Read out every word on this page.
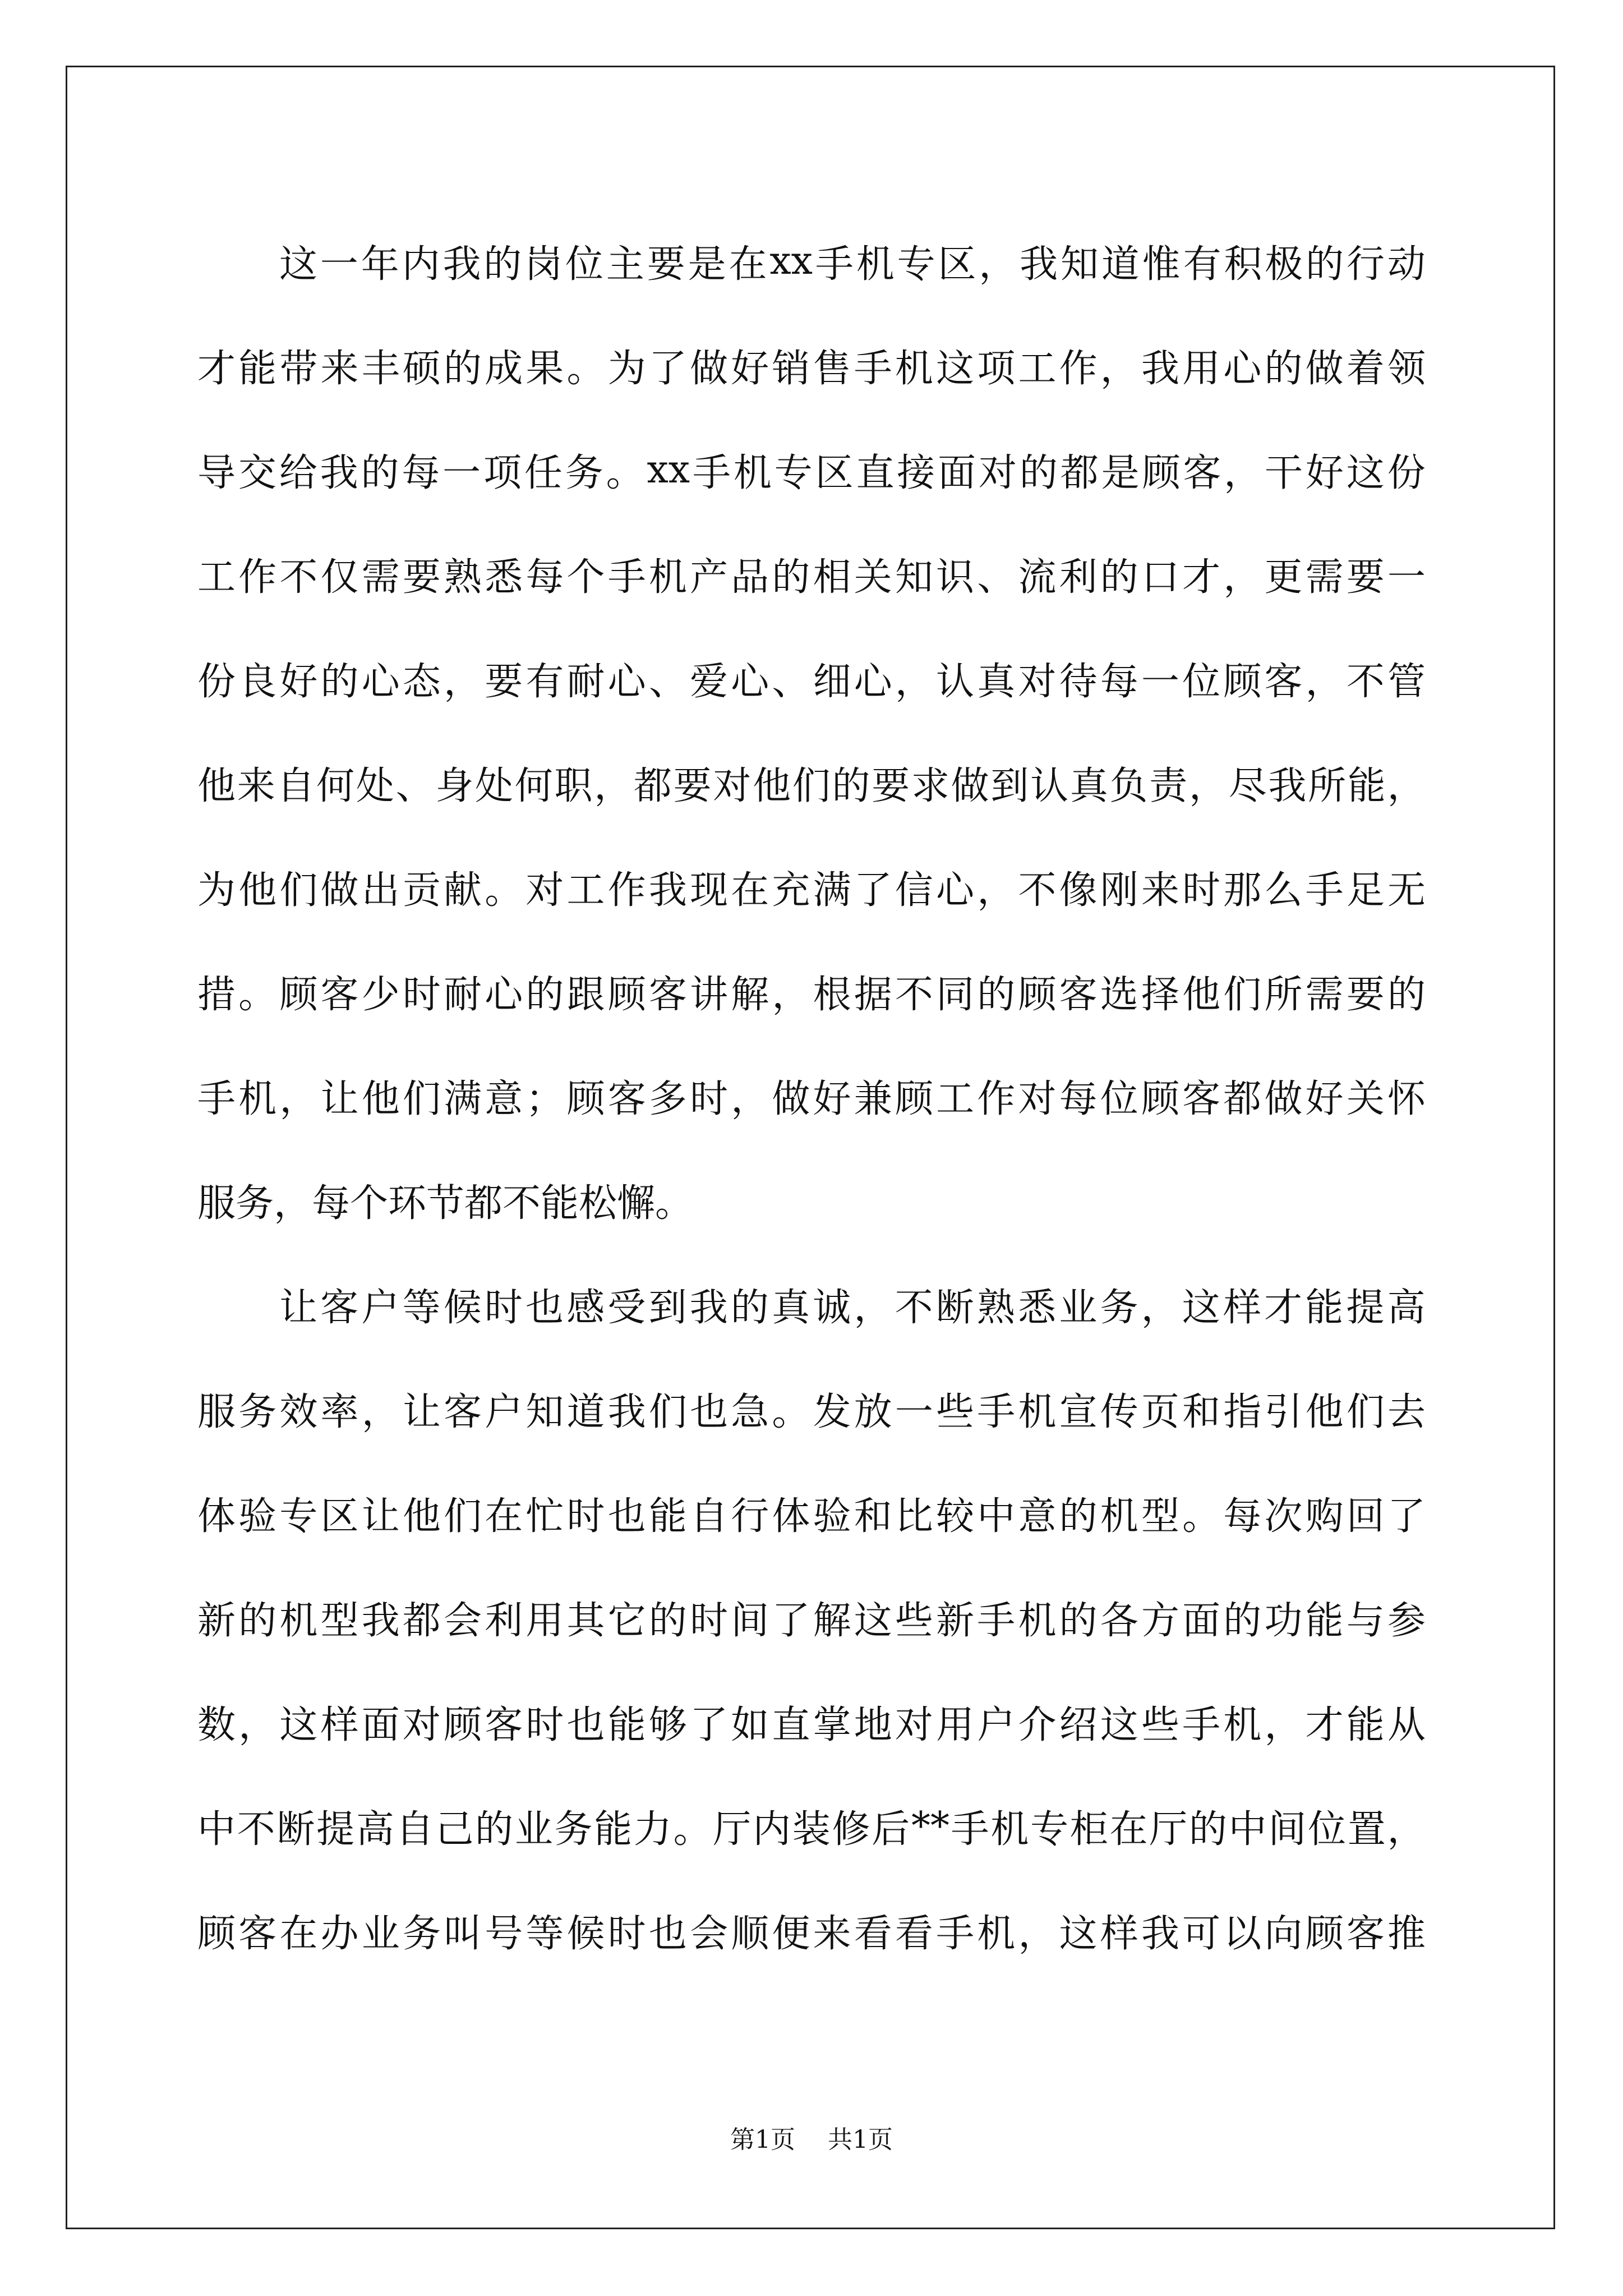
这 一 年 内 我 的 岗 位 主 要 是 在 xx 手 机 专 区 ， 我 知 道 惟 有 积 极 的 行 动
才 能 带 来 丰 硕 的 成 果 。 为 了 做 好 销 售 手 机 这 项 工 作 ， 我 用 心 的 做 着 领
导 交 给 我 的 每 一 项 任 务 。 xx 手 机 专 区 直 接 面 对 的 都 是 顾 客 ， 干 好 这 份
工 作 不 仅 需 要 熟 悉 每 个 手 机 产 品 的 相 关 知 识 、 流 利 的 口 才 ， 更 需 要 一
份 良 好 的 心 态 ， 要 有 耐 心 、 爱 心 、 细 心 ， 认 真 对 待 每 一 位 顾 客 ， 不 管
他 来 自 何 处 、 身 处 何 职 ， 都 要 对 他 们 的 要 求 做 到 认 真 负 责 ， 尽 我 所 能 ，
为 他 们 做 出 贡 献 。 对 工 作 我 现 在 充 满 了 信 心 ， 不 像 刚 来 时 那 么 手 足 无
措 。 顾 客 少 时 耐 心 的 跟 顾 客 讲 解 ， 根 据 不 同 的 顾 客 选 择 他 们 所 需 要 的
手 机 ， 让 他 们 满 意 ； 顾 客 多 时 ， 做 好 兼 顾 工 作 对 每 位 顾 客 都 做 好 关 怀
服务，每个环节都不能松懈。
让 客 户 等 候 时 也 感 受 到 我 的 真 诚 ， 不 断 熟 悉 业 务 ， 这 样 才 能 提 高
服 务 效 率 ， 让 客 户 知 道 我 们 也 急 。 发 放 一 些 手 机 宣 传 页 和 指 引 他 们 去
体 验 专 区 让 他 们 在 忙 时 也 能 自 行 体 验 和 比 较 中 意 的 机 型 。 每 次 购 回 了
新 的 机 型 我 都 会 利 用 其 它 的 时 间 了 解 这 些 新 手 机 的 各 方 面 的 功 能 与 参
数 ， 这 样 面 对 顾 客 时 也 能 够 了 如 直 掌 地 对 用 户 介 绍 这 些 手 机 ， 才 能 从
中 不 断 提 高 自 己 的 业 务 能 力 。 厅 内 装 修 后 ** 手 机 专 柜 在 厅 的 中 间 位 置 ，
顾 客 在 办 业 务 叫 号 等 候 时 也 会 顺 便 来 看 看 手 机 ， 这 样 我 可 以 向 顾 客 推
第1页 共1页
